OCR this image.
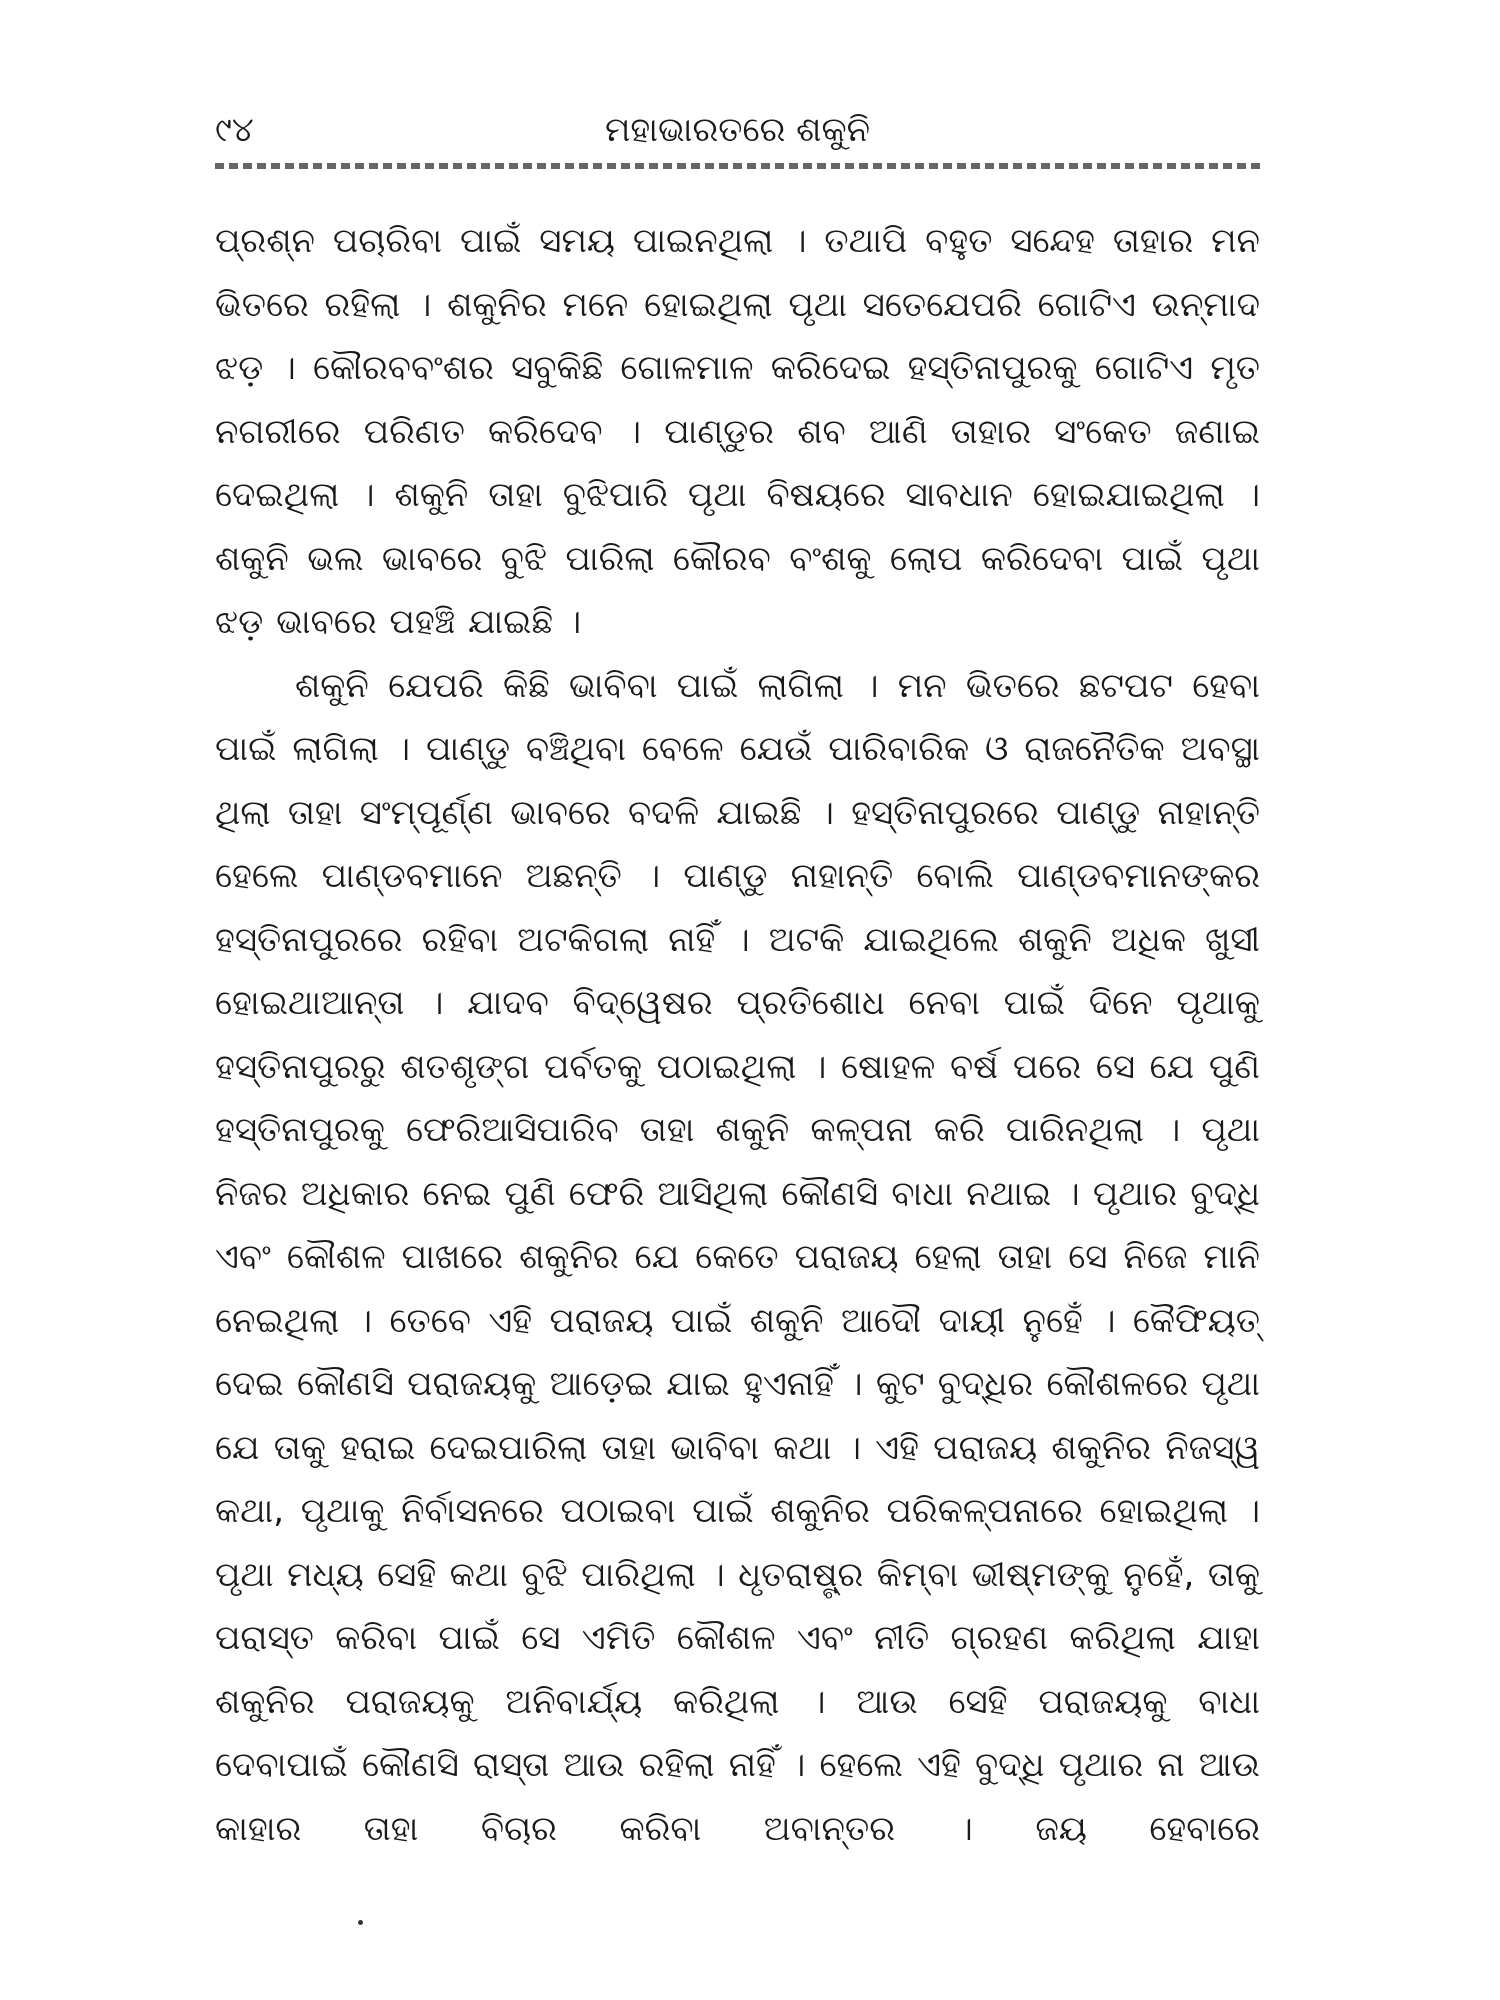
୯୪	ମହାଭାରତରେ ଶକୁନି

ପ୍ରଶ୍ନ ପଚାରିବା ପାଇଁ ସମୟ ପାଇନଥିଲା । ତଥାପି ବହୁତ ସନ୍ଦେହ ତାହାର ମନ ଭିତରେ ରହିଲା । ଶକୁନିର ମନେ ହୋଇଥିଲା ପୃଥା ସତେଯେପରି ଗୋଟିଏ ଉନ୍ମାଦ ଝଡ଼ । କୌରବବଂଶର ସବୁକିଛି ଗୋଳମାଳ କରିଦେଇ ହସ୍ତିନାପୁରକୁ ଗୋଟିଏ ମୃତ ନଗରୀରେ ପରିଣତ କରିଦେବ । ପାଣ୍ଡୁର ଶବ ଆଣି ତାହାର ସଂକେତ ଜଣାଇ ଦେଇଥିଲା । ଶକୁନି ତାହା ବୁଝିପାରି ପୃଥା ବିଷୟରେ ସାବଧାନ ହୋଇଯାଇଥିଲା । ଶକୁନି ଭଲ ଭାବରେ ବୁଝି ପାରିଲା କୌରବ ବଂଶକୁ ଲୋପ କରିଦେବା ପାଇଁ ପୃଥା ଝଡ଼ ଭାବରେ ପହଞ୍ଚି ଯାଇଛି ।

ଶକୁନି ଯେପରି କିଛି ଭାବିବା ପାଇଁ ଲାଗିଲା । ମନ ଭିତରେ ଛଟପଟ ହେବା ପାଇଁ ଲାଗିଲା । ପାଣ୍ଡୁ ବଞ୍ଚିଥିବା ବେଳେ ଯେଉଁ ପାରିବାରିକ ଓ ରାଜନୈତିକ ଅବସ୍ଥା ଥିଲା ତାହା ସଂମ୍ପୂର୍ଣ୍ଣ ଭାବରେ ବଦଳି ଯାଇଛି । ହସ୍ତିନାପୁରରେ ପାଣ୍ଡୁ ନାହାନ୍ତି ହେଲେ ପାଣ୍ଡବମାନେ ଅଛନ୍ତି । ପାଣ୍ଡୁ ନାହାନ୍ତି ବୋଲି ପାଣ୍ଡବମାନଙ୍କର ହସ୍ତିନାପୁରରେ ରହିବା ଅଟକିଗଲା ନାହିଁ । ଅଟକି ଯାଇଥିଲେ ଶକୁନି ଅଧିକ ଖୁସୀ ହୋଇଥାଆନ୍ତା । ଯାଦବ ବିଦ୍ୱେଷର ପ୍ରତିଶୋଧ ନେବା ପାଇଁ ଦିନେ ପୃଥାକୁ ହସ୍ତିନାପୁରରୁ ଶତଶୃଙ୍ଗ ପର୍ବତକୁ ପଠାଇଥିଲା । ଷୋହଳ ବର୍ଷ ପରେ ସେ ଯେ ପୁଣି ହସ୍ତିନାପୁରକୁ ଫେରିଆସିପାରିବ ତାହା ଶକୁନି କଳ୍ପନା କରି ପାରିନଥିଲା । ପୃଥା ନିଜର ଅଧିକାର ନେଇ ପୁଣି ଫେରି ଆସିଥିଲା କୌଣସି ବାଧା ନଥାଇ । ପୃଥାର ବୁଦ୍ଧି ଏବଂ କୌଶଳ ପାଖରେ ଶକୁନିର ଯେ କେତେ ପରାଜୟ ହେଲା ତାହା ସେ ନିଜେ ମାନି ନେଇଥିଲା । ତେବେ ଏହି ପରାଜୟ ପାଇଁ ଶକୁନି ଆଦୌ ଦାୟୀ ନୁହେଁ । କୈଫିୟତ୍ ଦେଇ କୌଣସି ପରାଜୟକୁ ଆଡ଼େଇ ଯାଇ ହୁଏନାହିଁ । କୁଟ ବୁଦ୍ଧିର କୌଶଳରେ ପୃଥା ଯେ ତାକୁ ହରାଇ ଦେଇପାରିଲା ତାହା ଭାବିବା କଥା । ଏହି ପରାଜୟ ଶକୁନିର ନିଜସ୍ୱ କଥା, ପୃଥାକୁ ନିର୍ବାସନରେ ପଠାଇବା ପାଇଁ ଶକୁନିର ପରିକଳ୍ପନାରେ ହୋଇଥିଲା । ପୃଥା ମଧ୍ୟ ସେହି କଥା ବୁଝି ପାରିଥିଲା । ଧୃତରାଷ୍ଟ୍ର କିମ୍ବା ଭୀଷ୍ମଙ୍କୁ ନୁହେଁ, ତାକୁ ପରାସ୍ତ କରିବା ପାଇଁ ସେ ଏମିତି କୌଶଳ ଏବଂ ନୀତି ଗ୍ରହଣ କରିଥିଲା ଯାହା ଶକୁନିର ପରାଜୟକୁ ଅନିବାର୍ଯ୍ୟ କରିଥିଲା । ଆଉ ସେହି ପରାଜୟକୁ ବାଧା ଦେବାପାଇଁ କୌଣସି ରାସ୍ତା ଆଉ ରହିଲା ନାହିଁ । ହେଲେ ଏହି ବୁଦ୍ଧି ପୃଥାର ନା ଆଉ କାହାର ତାହା ବିଚାର କରିବା ଅବାନ୍ତର । ଜୟ ହେବାରେ
